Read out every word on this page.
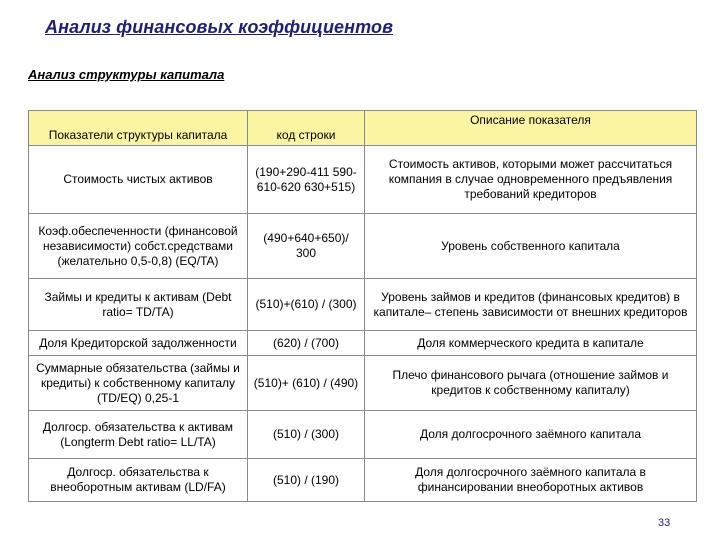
Анализ финансовых коэффициентов
Анализ структуры капитала
Показатели структуры капитала	код строки	Описание показателя
Стоимость чистых активов	(190+290-411 590-610-620 630+515)	Стоимость активов, которыми может рассчитаться компания в случае одновременного предъявления требований кредиторов
Коэф.обеспеченности (финансовой независимости) собст.средствами (желательно 0,5-0,8) (EQ/TA)	(490+640+650)/ 300	Уровень собственного капитала
Займы и кредиты к активам (Debt ratio= TD/TA)	(510)+(610) / (300)	Уровень займов и кредитов (финансовых кредитов) в капитале– степень зависимости от внешних кредиторов
Доля Кредиторской задолженности	(620) / (700)	Доля коммерческого кредита в капитале
Суммарные обязательства (займы и кредиты) к собственному капиталу (TD/EQ) 0,25-1	(510)+ (610) / (490)	Плечо финансового рычага (отношение займов и кредитов к собственному капиталу)
Долгоср. обязательства к активам (Longterm Debt ratio= LL/TA)	(510) / (300)	Доля долгосрочного заёмного капитала
Долгоср. обязательства к внеоборотным активам (LD/FA)	(510) / (190)	Доля долгосрочного заёмного капитала в финансировании внеоборотных активов
33
